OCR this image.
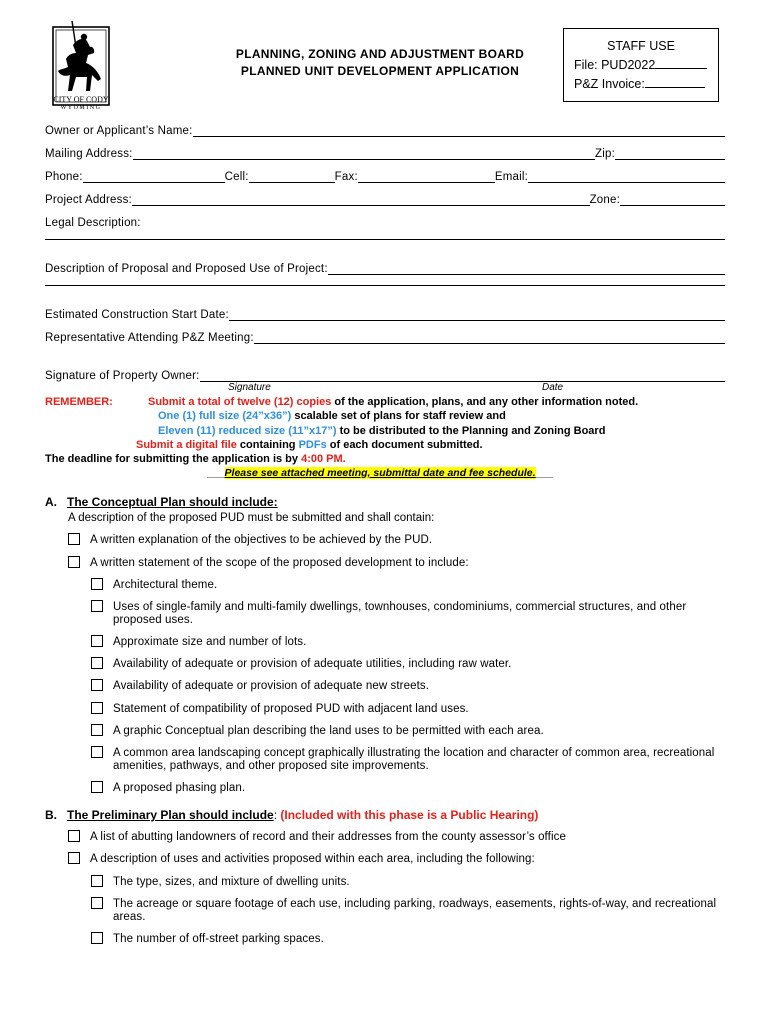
CITY OF CODY
WYOMING
PLANNING, ZONING AND ADJUSTMENT BOARD
PLANNED UNIT DEVELOPMENT APPLICATION
STAFF USE
File: PUD2022
P&Z Invoice:
Owner or Applicant’s Name:
Mailing Address:	Zip:
Phone:	Cell:	Fax:	Email:
Project Address:	Zone:
Legal Description:
Description of Proposal and Proposed Use of Project:
Estimated Construction Start Date:
Representative Attending P&Z Meeting:
Signature of Property Owner:
Signature	Date
REMEMBER:	Submit a total of twelve (12) copies of the application, plans, and any other information noted.
One (1) full size (24”x36”) scalable set of plans for staff review and
Eleven (11) reduced size (11”x17”) to be distributed to the Planning and Zoning Board
Submit a digital file containing PDFs of each document submitted.
The deadline for submitting the application is by 4:00 PM.
___Please see attached meeting, submittal date and fee schedule.___
A. The Conceptual Plan should include:
A description of the proposed PUD must be submitted and shall contain:
A written explanation of the objectives to be achieved by the PUD.
A written statement of the scope of the proposed development to include:
Architectural theme.
Uses of single-family and multi-family dwellings, townhouses, condominiums, commercial structures, and other proposed uses.
Approximate size and number of lots.
Availability of adequate or provision of adequate utilities, including raw water.
Availability of adequate or provision of adequate new streets.
Statement of compatibility of proposed PUD with adjacent land uses.
A graphic Conceptual plan describing the land uses to be permitted with each area.
A common area landscaping concept graphically illustrating the location and character of common area, recreational amenities, pathways, and other proposed site improvements.
A proposed phasing plan.
B. The Preliminary Plan should include: (Included with this phase is a Public Hearing)
A list of abutting landowners of record and their addresses from the county assessor’s office
A description of uses and activities proposed within each area, including the following:
The type, sizes, and mixture of dwelling units.
The acreage or square footage of each use, including parking, roadways, easements, rights-of-way, and recreational areas.
The number of off-street parking spaces.
